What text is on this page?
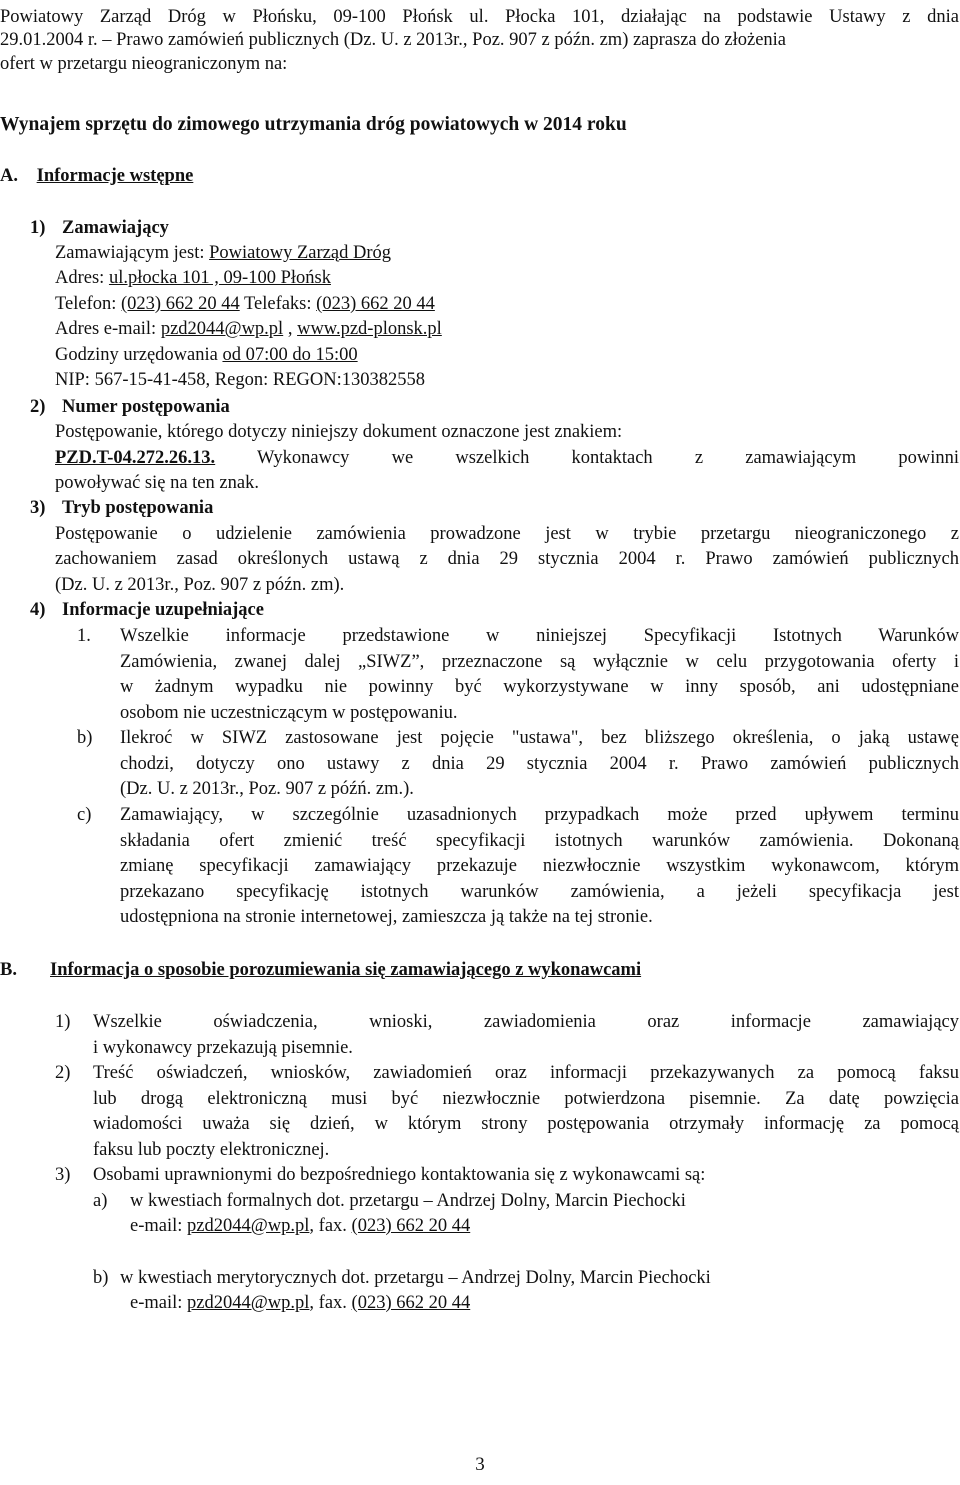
Powiatowy Zarząd Dróg w Płońsku, 09-100 Płońsk ul. Płocka 101, działając na podstawie Ustawy z dnia
29.01.2004 r. – Prawo zamówień publicznych (Dz. U. z 2013r., Poz. 907 z późn. zm) zaprasza do złożenia
ofert w przetargu nieograniczonym na:
Wynajem sprzętu do zimowego utrzymania dróg powiatowych w 2014 roku
A. Informacje wstępne
1) Zamawiający
Zamawiającym jest: Powiatowy Zarząd Dróg
Adres: ul.płocka 101 , 09-100 Płońsk
Telefon: (023) 662 20 44 Telefaks: (023) 662 20 44
Adres e-mail: pzd2044@wp.pl , www.pzd-plonsk.pl
Godziny urzędowania od 07:00 do 15:00
NIP: 567-15-41-458, Regon: REGON:130382558
2) Numer postępowania
Postępowanie, którego dotyczy niniejszy dokument oznaczone jest znakiem:
PZD.T-04.272.26.13. Wykonawcy we wszelkich kontaktach z zamawiającym powinni
powoływać się na ten znak.
3) Tryb postępowania
Postępowanie o udzielenie zamówienia prowadzone jest w trybie przetargu nieograniczonego z
zachowaniem zasad określonych ustawą z dnia 29 stycznia 2004 r. Prawo zamówień publicznych
(Dz. U. z 2013r., Poz. 907 z późn. zm).
4) Informacje uzupełniające
1. Wszelkie informacje przedstawione w niniejszej Specyfikacji Istotnych Warunków
Zamówienia, zwanej dalej „SIWZ”, przeznaczone są wyłącznie w celu przygotowania oferty i
w żadnym wypadku nie powinny być wykorzystywane w inny sposób, ani udostępniane
osobom nie uczestniczącym w postępowaniu.
b) Ilekroć w SIWZ zastosowane jest pojęcie "ustawa", bez bliższego określenia, o jaką ustawę
chodzi, dotyczy ono ustawy z dnia 29 stycznia 2004 r. Prawo zamówień publicznych
(Dz. U. z 2013r., Poz. 907 z późń. zm.).
c) Zamawiający, w szczególnie uzasadnionych przypadkach może przed upływem terminu
składania ofert zmienić treść specyfikacji istotnych warunków zamówienia. Dokonaną
zmianę specyfikacji zamawiający przekazuje niezwłocznie wszystkim wykonawcom, którym
przekazano specyfikację istotnych warunków zamówienia, a jeżeli specyfikacja jest
udostępniona na stronie internetowej, zamieszcza ją także na tej stronie.
B. Informacja o sposobie porozumiewania się zamawiającego z wykonawcami
1) Wszelkie oświadczenia, wnioski, zawiadomienia oraz informacje zamawiający
i wykonawcy przekazują pisemnie.
2) Treść oświadczeń, wniosków, zawiadomień oraz informacji przekazywanych za pomocą faksu
lub drogą elektroniczną musi być niezwłocznie potwierdzona pisemnie. Za datę powzięcia
wiadomości uważa się dzień, w którym strony postępowania otrzymały informację za pomocą
faksu lub poczty elektronicznej.
3) Osobami uprawnionymi do bezpośredniego kontaktowania się z wykonawcami są:
a) w kwestiach formalnych dot. przetargu – Andrzej Dolny, Marcin Piechocki
e-mail: pzd2044@wp.pl, fax. (023) 662 20 44
b) w kwestiach merytorycznych dot. przetargu – Andrzej Dolny, Marcin Piechocki
e-mail: pzd2044@wp.pl, fax. (023) 662 20 44
3
